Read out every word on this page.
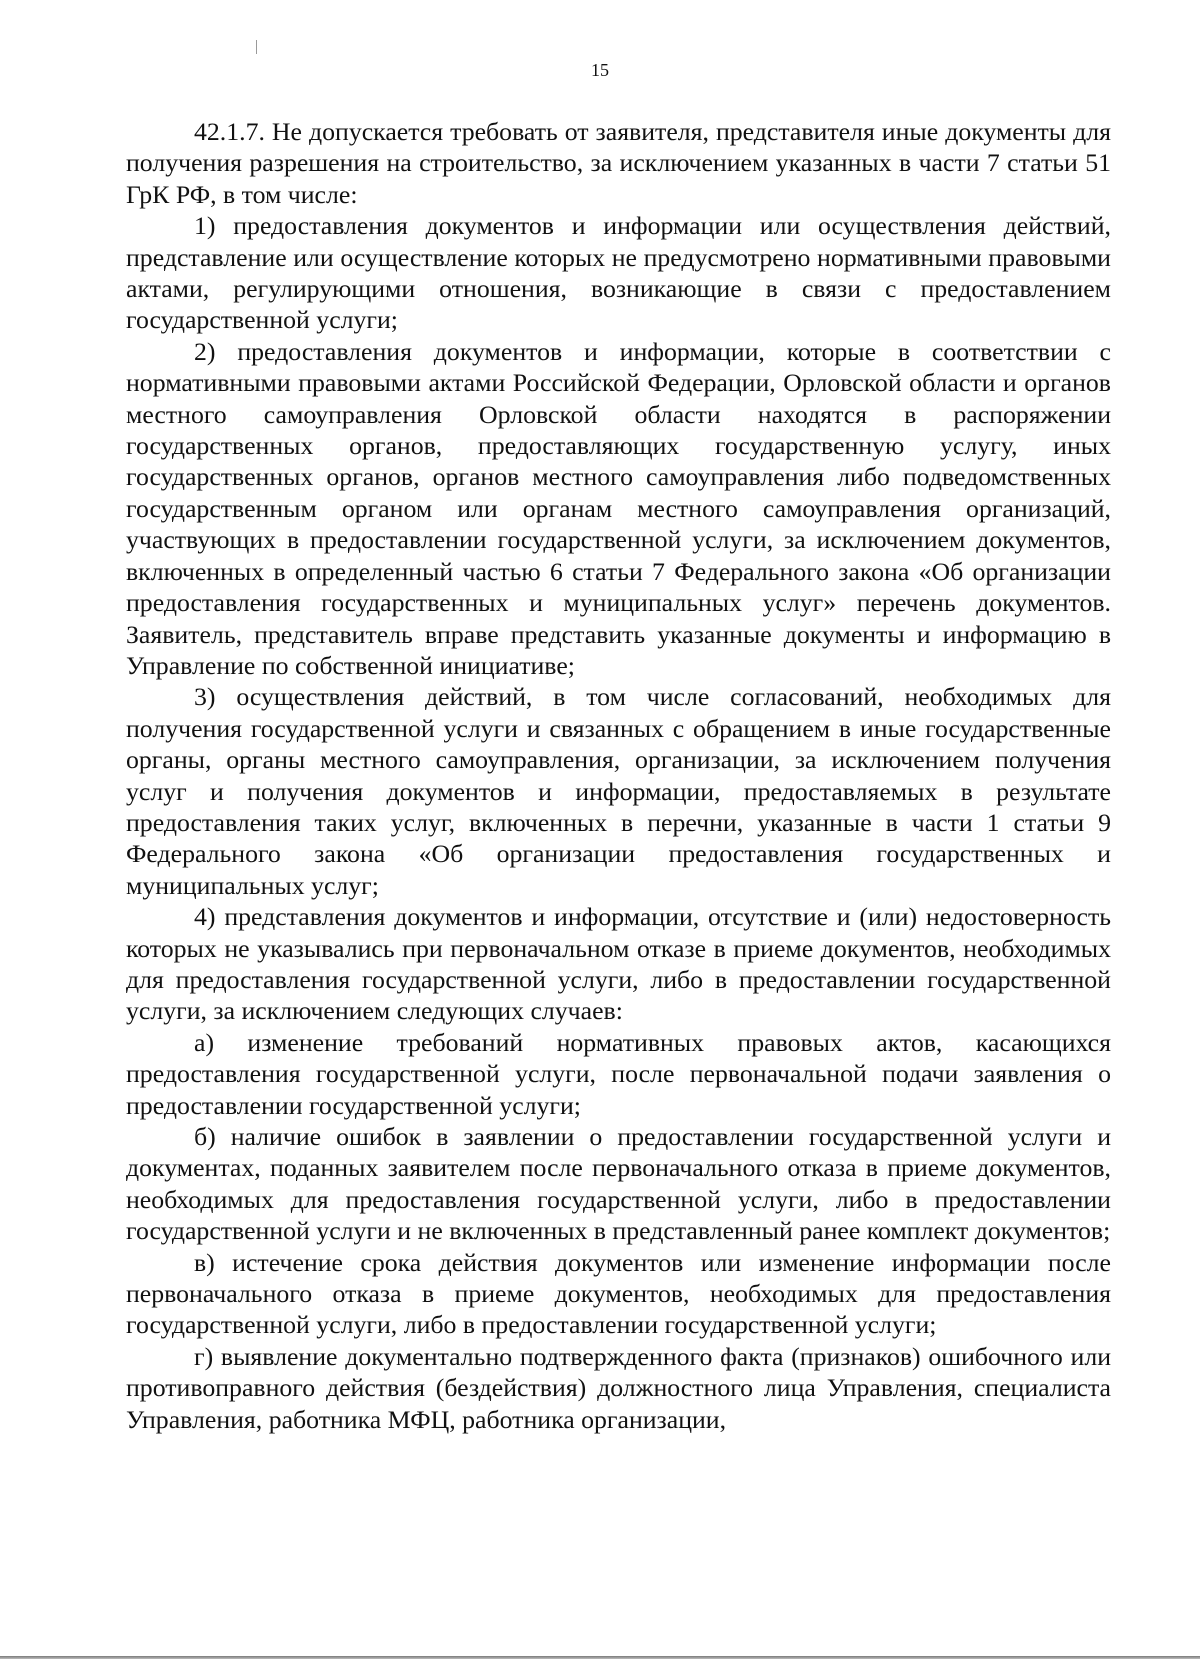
15

42.1.7. Не допускается требовать от заявителя, представителя иные документы для получения разрешения на строительство, за исключением указанных в части 7 статьи 51 ГрК РФ, в том числе:

1) предоставления документов и информации или осуществления действий, представление или осуществление которых не предусмотрено нормативными правовыми актами, регулирующими отношения, возникающие в связи с предоставлением государственной услуги;

2) предоставления документов и информации, которые в соответствии с нормативными правовыми актами Российской Федерации, Орловской области и органов местного самоуправления Орловской области находятся в распоряжении государственных органов, предоставляющих государственную услугу, иных государственных органов, органов местного самоуправления либо подведомственных государственным органом или органам местного самоуправления организаций, участвующих в предоставлении государственной услуги, за исключением документов, включенных в определенный частью 6 статьи 7 Федерального закона «Об организации предоставления государственных и муниципальных услуг» перечень документов. Заявитель, представитель вправе представить указанные документы и информацию в Управление по собственной инициативе;

3) осуществления действий, в том числе согласований, необходимых для получения государственной услуги и связанных с обращением в иные государственные органы, органы местного самоуправления, организации, за исключением получения услуг и получения документов и информации, предоставляемых в результате предоставления таких услуг, включенных в перечни, указанные в части 1 статьи 9 Федерального закона «Об организации предоставления государственных и муниципальных услуг;

4) представления документов и информации, отсутствие и (или) недостоверность которых не указывались при первоначальном отказе в приеме документов, необходимых для предоставления государственной услуги, либо в предоставлении государственной услуги, за исключением следующих случаев:

а) изменение требований нормативных правовых актов, касающихся предоставления государственной услуги, после первоначальной подачи заявления о предоставлении государственной услуги;

б) наличие ошибок в заявлении о предоставлении государственной услуги и документах, поданных заявителем после первоначального отказа в приеме документов, необходимых для предоставления государственной услуги, либо в предоставлении государственной услуги и не включенных в представленный ранее комплект документов;

в) истечение срока действия документов или изменение информации после первоначального отказа в приеме документов, необходимых для предоставления государственной услуги, либо в предоставлении государственной услуги;

г) выявление документально подтвержденного факта (признаков) ошибочного или противоправного действия (бездействия) должностного лица Управления, специалиста Управления, работника МФЦ, работника организации,
